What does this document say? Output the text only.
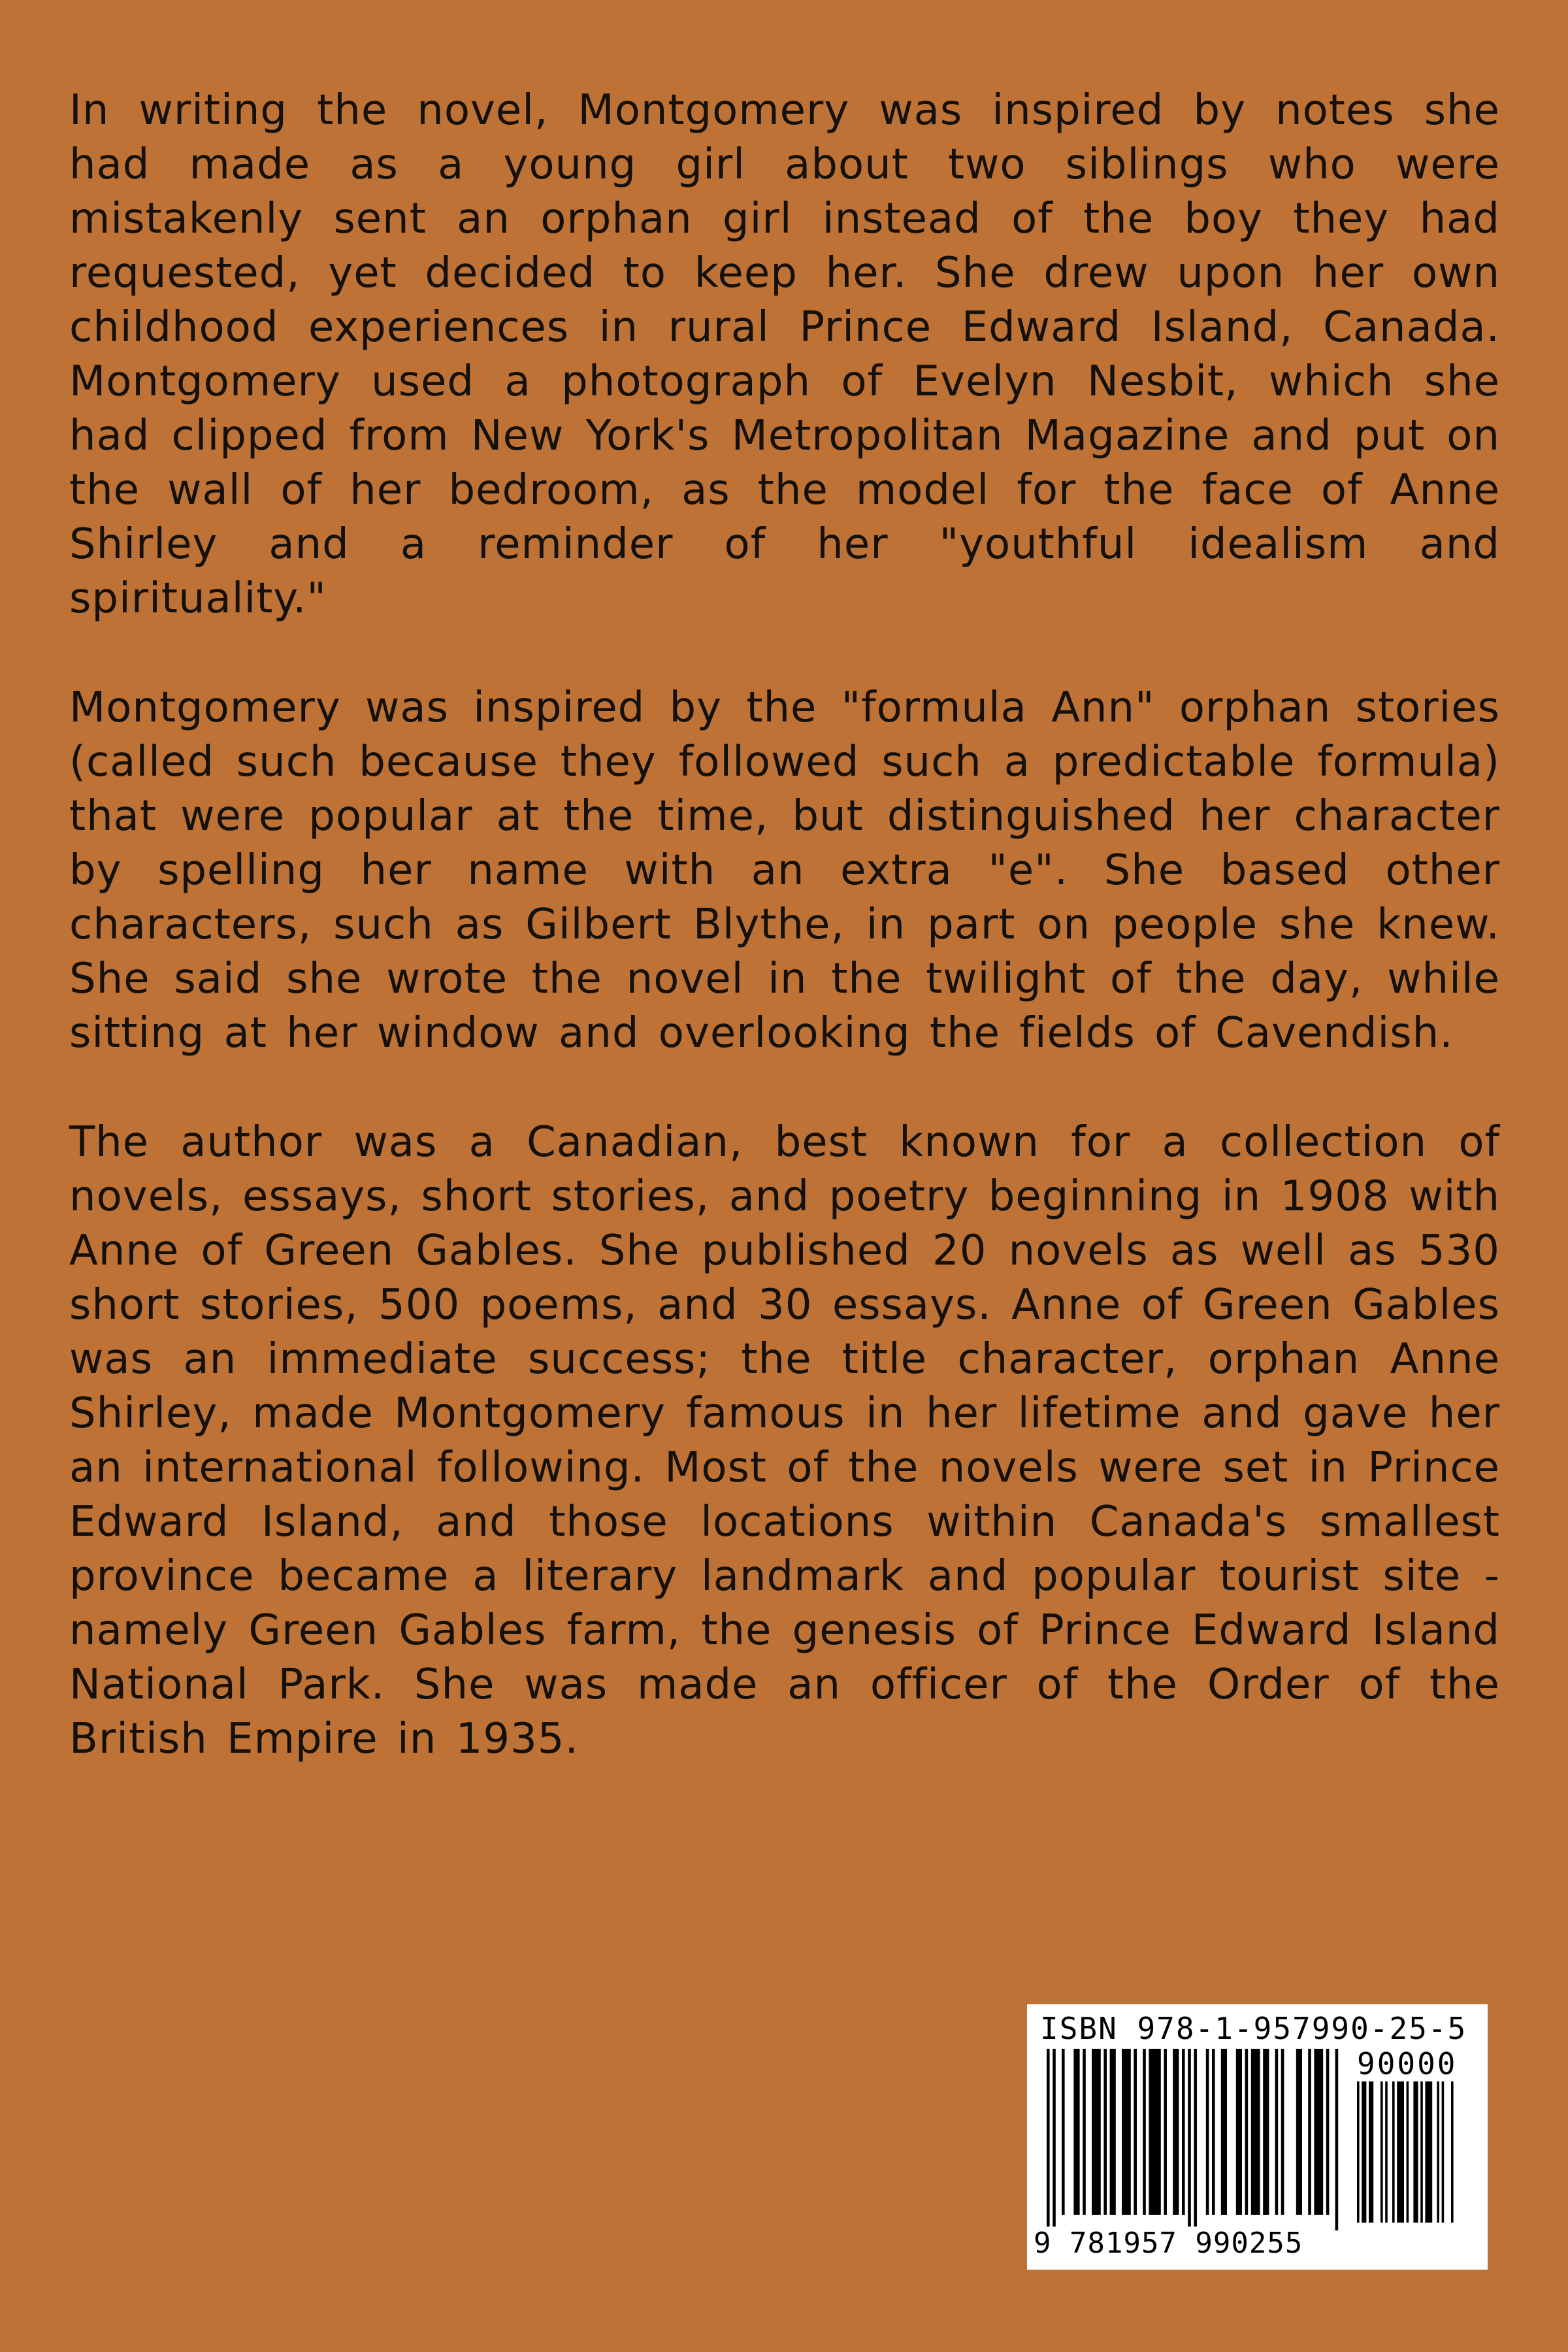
In writing the novel, Montgomery was inspired by notes she had made as a young girl about two siblings who were mistakenly sent an orphan girl instead of the boy they had requested, yet decided to keep her. She drew upon her own childhood experiences in rural Prince Edward Island, Canada. Montgomery used a photograph of Evelyn Nesbit, which she had clipped from New York's Metropolitan Magazine and put on the wall of her bedroom, as the model for the face of Anne Shirley and a reminder of her "youthful idealism and spirituality."

Montgomery was inspired by the "formula Ann" orphan stories (called such because they followed such a predictable formula) that were popular at the time, but distinguished her character by spelling her name with an extra "e". She based other characters, such as Gilbert Blythe, in part on people she knew. She said she wrote the novel in the twilight of the day, while sitting at her window and overlooking the fields of Cavendish.

The author was a Canadian, best known for a collection of novels, essays, short stories, and poetry beginning in 1908 with Anne of Green Gables. She published 20 novels as well as 530 short stories, 500 poems, and 30 essays. Anne of Green Gables was an immediate success; the title character, orphan Anne Shirley, made Montgomery famous in her lifetime and gave her an international following. Most of the novels were set in Prince Edward Island, and those locations within Canada's smallest province became a literary landmark and popular tourist site - namely Green Gables farm, the genesis of Prince Edward Island National Park. She was made an officer of the Order of the British Empire in 1935.

ISBN 978-1-957990-25-5
90000
9 781957 990255
